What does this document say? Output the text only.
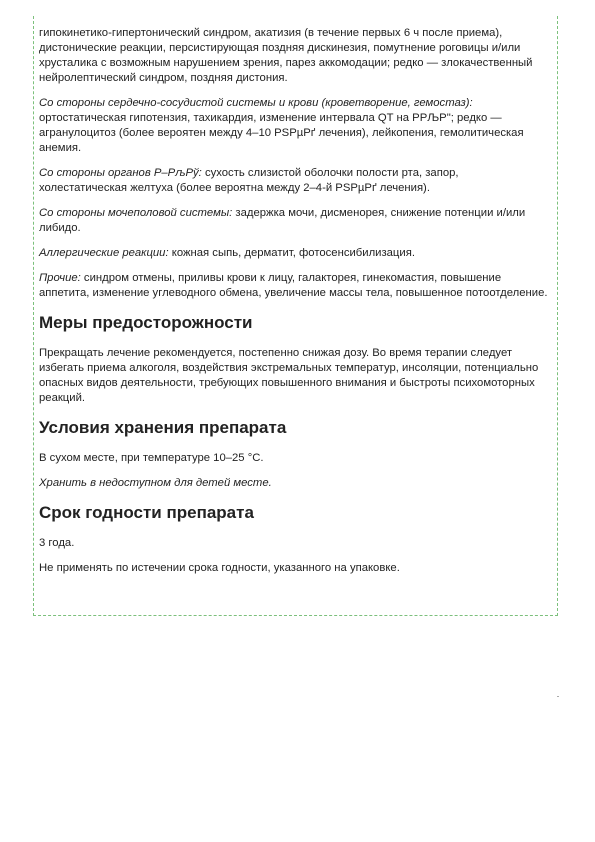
гипокинетико-гипертонический синдром, акатизия (в течение первых 6 ч после приема), дистонические реакции, персистирующая поздняя дискинезия, помутнение роговицы и/или хрусталика с возможным нарушением зрения, парез аккомодации; редко — злокачественный нейролептический синдром, поздняя дистония.

Со стороны сердечно-сосудистой системы и крови (кроветворение, гемостаз): ортостатическая гипотензия, тахикардия, изменение интервала QT на РРЉР"; редко — агранулоцитоз (более вероятен между 4–10 PSPµPґ лечения), лейкопения, гемолитическая анемия.

Со стороны органов Р–РљРў: сухость слизистой оболочки полости рта, запор, холестатическая желтуха (более вероятна между 2–4-й PSPµPґ лечения).

Со стороны мочеполовой системы: задержка мочи, дисменорея, снижение потенции и/или либидо.

Аллергические реакции: кожная сыпь, дерматит, фотосенсибилизация.

Прочие: синдром отмены, приливы крови к лицу, галакторея, гинекомастия, повышение аппетита, изменение углеводного обмена, увеличение массы тела, повышенное потоотделение.

Меры предосторожности

Прекращать лечение рекомендуется, постепенно снижая дозу. Во время терапии следует избегать приема алкоголя, воздействия экстремальных температур, инсоляции, потенциально опасных видов деятельности, требующих повышенного внимания и быстроты психомоторных реакций.

Условия хранения препарата

В сухом месте, при температуре 10–25 °C.

Хранить в недоступном для детей месте.

Срок годности препарата

3 года.

Не применять по истечении срока годности, указанного на упаковке.
